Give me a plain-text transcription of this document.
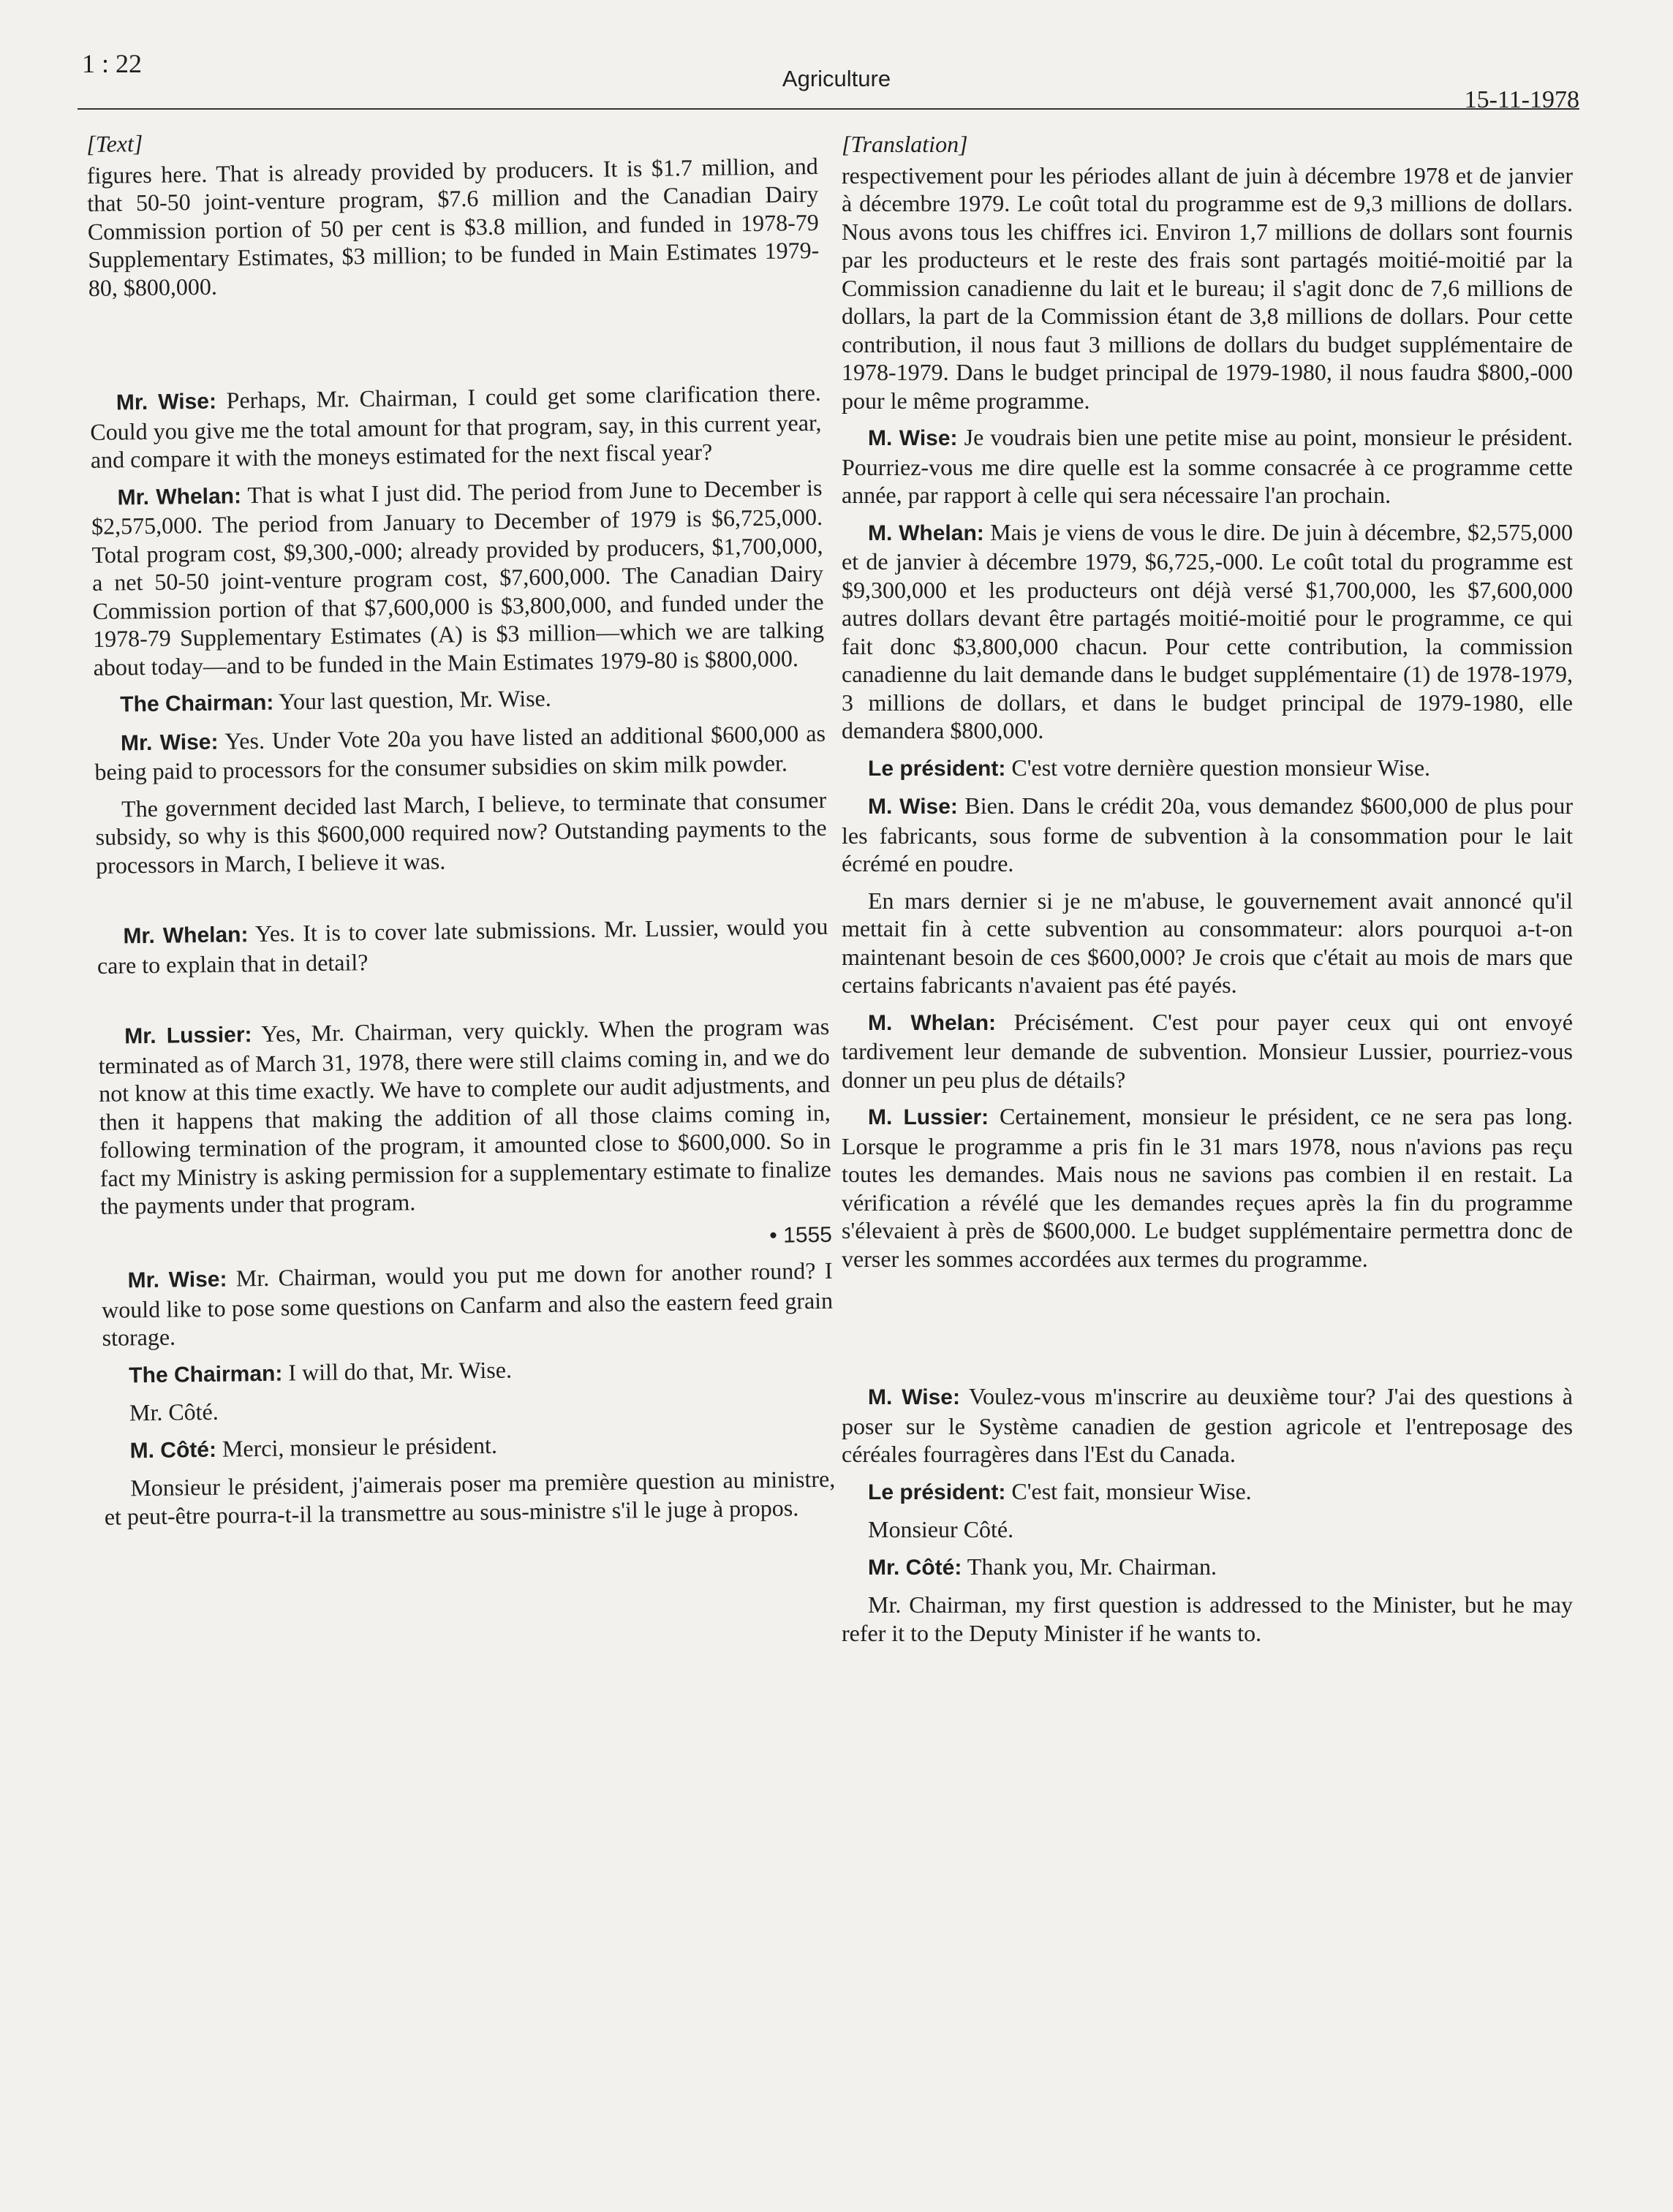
1 : 22
Agriculture
15-11-1978

[Text]

figures here. That is already provided by producers. It is $1.7 million, and that 50-50 joint-venture program, $7.6 million and the Canadian Dairy Commission portion of 50 per cent is $3.8 million, and funded in 1978-79 Supplementary Estimates, $3 million; to be funded in Main Estimates 1979-80, $800,000.

Mr. Wise: Perhaps, Mr. Chairman, I could get some clarification there. Could you give me the total amount for that program, say, in this current year, and compare it with the moneys estimated for the next fiscal year?

Mr. Whelan: That is what I just did. The period from June to December is $2,575,000. The period from January to December of 1979 is $6,725,000. Total program cost, $9,300,-000; already provided by producers, $1,700,000, a net 50-50 joint-venture program cost, $7,600,000. The Canadian Dairy Commission portion of that $7,600,000 is $3,800,000, and funded under the 1978-79 Supplementary Estimates (A) is $3 million—which we are talking about today—and to be funded in the Main Estimates 1979-80 is $800,000.

The Chairman: Your last question, Mr. Wise.

Mr. Wise: Yes. Under Vote 20a you have listed an additional $600,000 as being paid to processors for the consumer subsidies on skim milk powder.

The government decided last March, I believe, to terminate that consumer subsidy, so why is this $600,000 required now? Outstanding payments to the processors in March, I believe it was.

Mr. Whelan: Yes. It is to cover late submissions. Mr. Lussier, would you care to explain that in detail?

Mr. Lussier: Yes, Mr. Chairman, very quickly. When the program was terminated as of March 31, 1978, there were still claims coming in, and we do not know at this time exactly. We have to complete our audit adjustments, and then it happens that making the addition of all those claims coming in, following termination of the program, it amounted close to $600,000. So in fact my Ministry is asking permission for a supplementary estimate to finalize the payments under that program.

• 1555

Mr. Wise: Mr. Chairman, would you put me down for another round? I would like to pose some questions on Canfarm and also the eastern feed grain storage.

The Chairman: I will do that, Mr. Wise.

Mr. Côté.

M. Côté: Merci, monsieur le président.

Monsieur le président, j'aimerais poser ma première question au ministre, et peut-être pourra-t-il la transmettre au sous-ministre s'il le juge à propos.

[Translation]

respectivement pour les périodes allant de juin à décembre 1978 et de janvier à décembre 1979. Le coût total du programme est de 9,3 millions de dollars. Nous avons tous les chiffres ici. Environ 1,7 millions de dollars sont fournis par les producteurs et le reste des frais sont partagés moitié-moitié par la Commission canadienne du lait et le bureau; il s'agit donc de 7,6 millions de dollars, la part de la Commission étant de 3,8 millions de dollars. Pour cette contribution, il nous faut 3 millions de dollars du budget supplémentaire de 1978-1979. Dans le budget principal de 1979-1980, il nous faudra $800,-000 pour le même programme.

M. Wise: Je voudrais bien une petite mise au point, monsieur le président. Pourriez-vous me dire quelle est la somme consacrée à ce programme cette année, par rapport à celle qui sera nécessaire l'an prochain.

M. Whelan: Mais je viens de vous le dire. De juin à décembre, $2,575,000 et de janvier à décembre 1979, $6,725,-000. Le coût total du programme est $9,300,000 et les producteurs ont déjà versé $1,700,000, les $7,600,000 autres dollars devant être partagés moitié-moitié pour le programme, ce qui fait donc $3,800,000 chacun. Pour cette contribution, la commission canadienne du lait demande dans le budget supplémentaire (1) de 1978-1979, 3 millions de dollars, et dans le budget principal de 1979-1980, elle demandera $800,000.

Le président: C'est votre dernière question monsieur Wise.

M. Wise: Bien. Dans le crédit 20a, vous demandez $600,000 de plus pour les fabricants, sous forme de subvention à la consommation pour le lait écrémé en poudre.

En mars dernier si je ne m'abuse, le gouvernement avait annoncé qu'il mettait fin à cette subvention au consommateur: alors pourquoi a-t-on maintenant besoin de ces $600,000? Je crois que c'était au mois de mars que certains fabricants n'avaient pas été payés.

M. Whelan: Précisément. C'est pour payer ceux qui ont envoyé tardivement leur demande de subvention. Monsieur Lussier, pourriez-vous donner un peu plus de détails?

M. Lussier: Certainement, monsieur le président, ce ne sera pas long. Lorsque le programme a pris fin le 31 mars 1978, nous n'avions pas reçu toutes les demandes. Mais nous ne savions pas combien il en restait. La vérification a révélé que les demandes reçues après la fin du programme s'élevaient à près de $600,000. Le budget supplémentaire permettra donc de verser les sommes accordées aux termes du programme.

M. Wise: Voulez-vous m'inscrire au deuxième tour? J'ai des questions à poser sur le Système canadien de gestion agricole et l'entreposage des céréales fourragères dans l'Est du Canada.

Le président: C'est fait, monsieur Wise.

Monsieur Côté.

Mr. Côté: Thank you, Mr. Chairman.

Mr. Chairman, my first question is addressed to the Minister, but he may refer it to the Deputy Minister if he wants to.
